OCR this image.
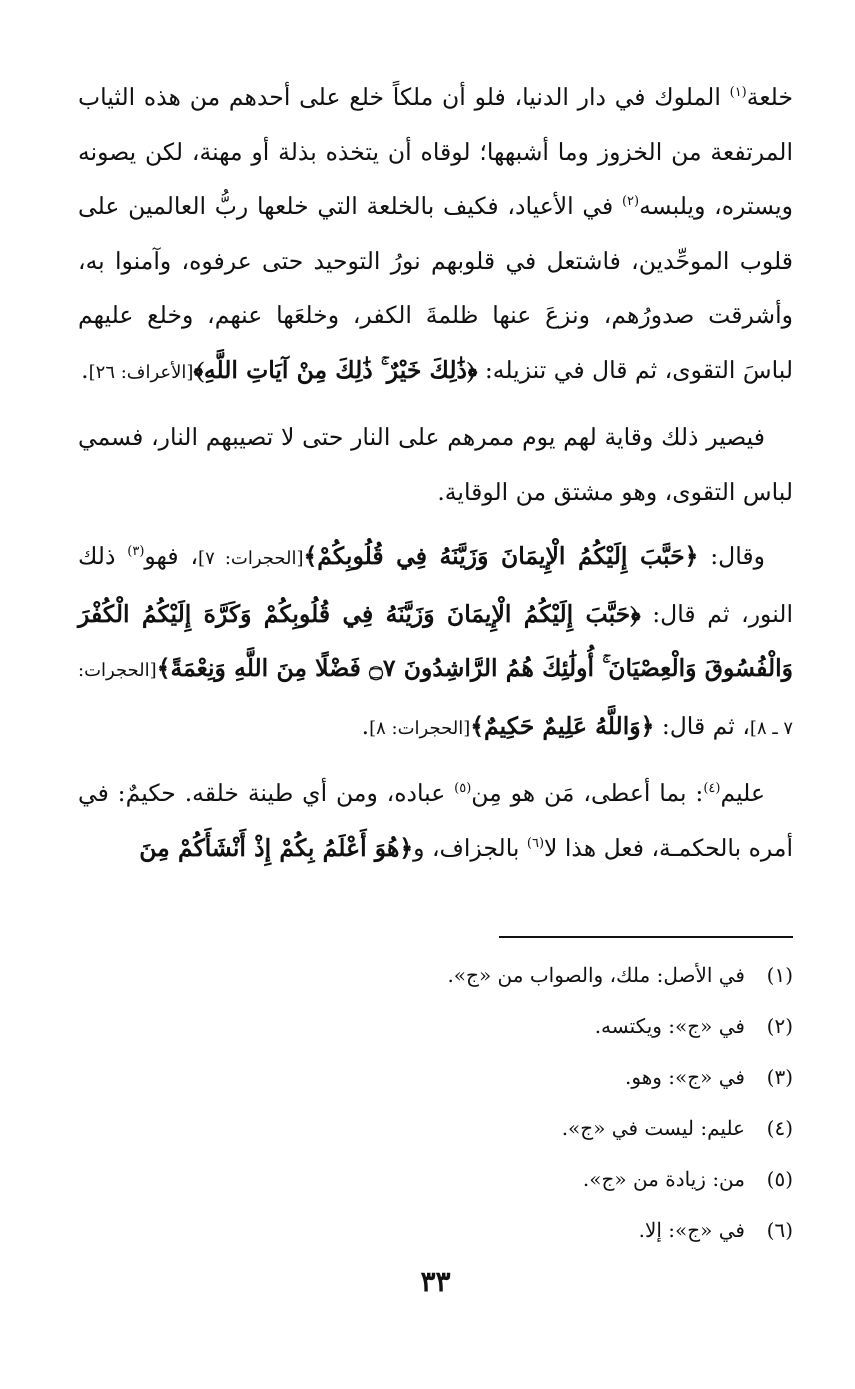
خلعة$^{(١)}$ الملوك في دار الدنيا، فلو أن ملكاً خلع على أحدهم من هذه الثياب المرتفعة من الخزوز وما أشبهها؛ لوقاه أن يتخذه بذلة أو مهنة، لكن يصونه ويستره، ويلبسه$^{(٢)}$ في الأعياد، فكيف بالخلعة التي خلعها ربُّ العالمين على قلوب الموحِّدين، فاشتعل في قلوبهم نورُ التوحيد حتى عرفوه، وآمنوا به، وأشرقت صدورُهم، ونزعَ عنها ظلمةَ الكفر، وخلعَها عنهم، وخلع عليهم لباسَ التقوى، ثم قال في تنزيله: ﴿ذَٰلِكَ خَيْرٌ ۚ ذَٰلِكَ مِنْ آيَاتِ اللَّهِ﴾[الأعراف: ٢٦].

فيصير ذلك وقاية لهم يوم ممرهم على النار حتى لا تصيبهم النار، فسمي لباس التقوى، وهو مشتق من الوقاية.

وقال: ﴿حَبَّبَ إِلَيْكُمُ الْإِيمَانَ وَزَيَّنَهُ فِي قُلُوبِكُمْ﴾[الحجرات: ٧]، فهو$^{(٣)}$ ذلك النور، ثم قال: ﴿حَبَّبَ إِلَيْكُمُ الْإِيمَانَ وَزَيَّنَهُ فِي قُلُوبِكُمْ وَكَرَّهَ إِلَيْكُمُ الْكُفْرَ وَالْفُسُوقَ وَالْعِصْيَانَ ۚ أُولَٰئِكَ هُمُ الرَّاشِدُونَ ۝٧ فَضْلًا مِنَ اللَّهِ وَنِعْمَةً﴾[الحجرات: ٧ ـ ٨]، ثم قال: ﴿وَاللَّهُ عَلِيمٌ حَكِيمٌ﴾[الحجرات: ٨].

عليم$^{(٤)}$: بما أعطى، مَن هو مِن$^{(٥)}$ عباده، ومن أي طينة خلقه. حكيمٌ: في أمره بالحكمـة، فعل هذا لا$^{(٦)}$ بالجزاف، و﴿هُوَ أَعْلَمُ بِكُمْ إِذْ أَنْشَأَكُمْ مِنَ

(١)
في الأصل: ملك، والصواب من «ج».
(٢)
في «ج»: ويكتسه.
(٣)
في «ج»: وهو.
(٤)
عليم: ليست في «ج».
(٥)
من: زيادة من «ج».
(٦)
في «ج»: إلا.
٣٣
